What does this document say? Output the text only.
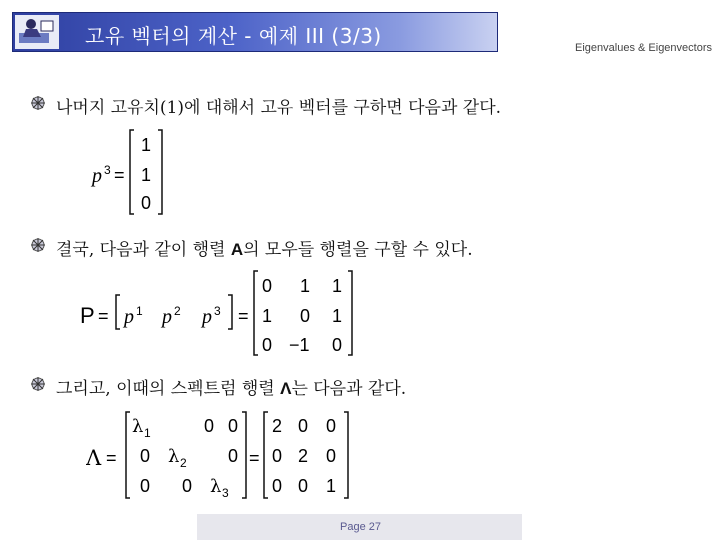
고유 벡터의 계산 - 예제 III (3/3)	Eigenvalues & Eigenvectors
나머지 고유치(1)에 대해서 고유 벡터를 구하면 다음과 같다.
p 3 =
1
1
0
결국, 다음과 같이 행렬 A의 모우들 행렬을 구할 수 있다.
P = p 1 p 2 p 3 =
0 1 1
1 0 1
0 −1 0
그리고, 이때의 스펙트럼 행렬 Λ는 다음과 같다.
Λ =
λ 1	0 0
0 λ 2 0
0 0 λ 3
=
2 0 0
0 2 0
0 0 1
Page 27
